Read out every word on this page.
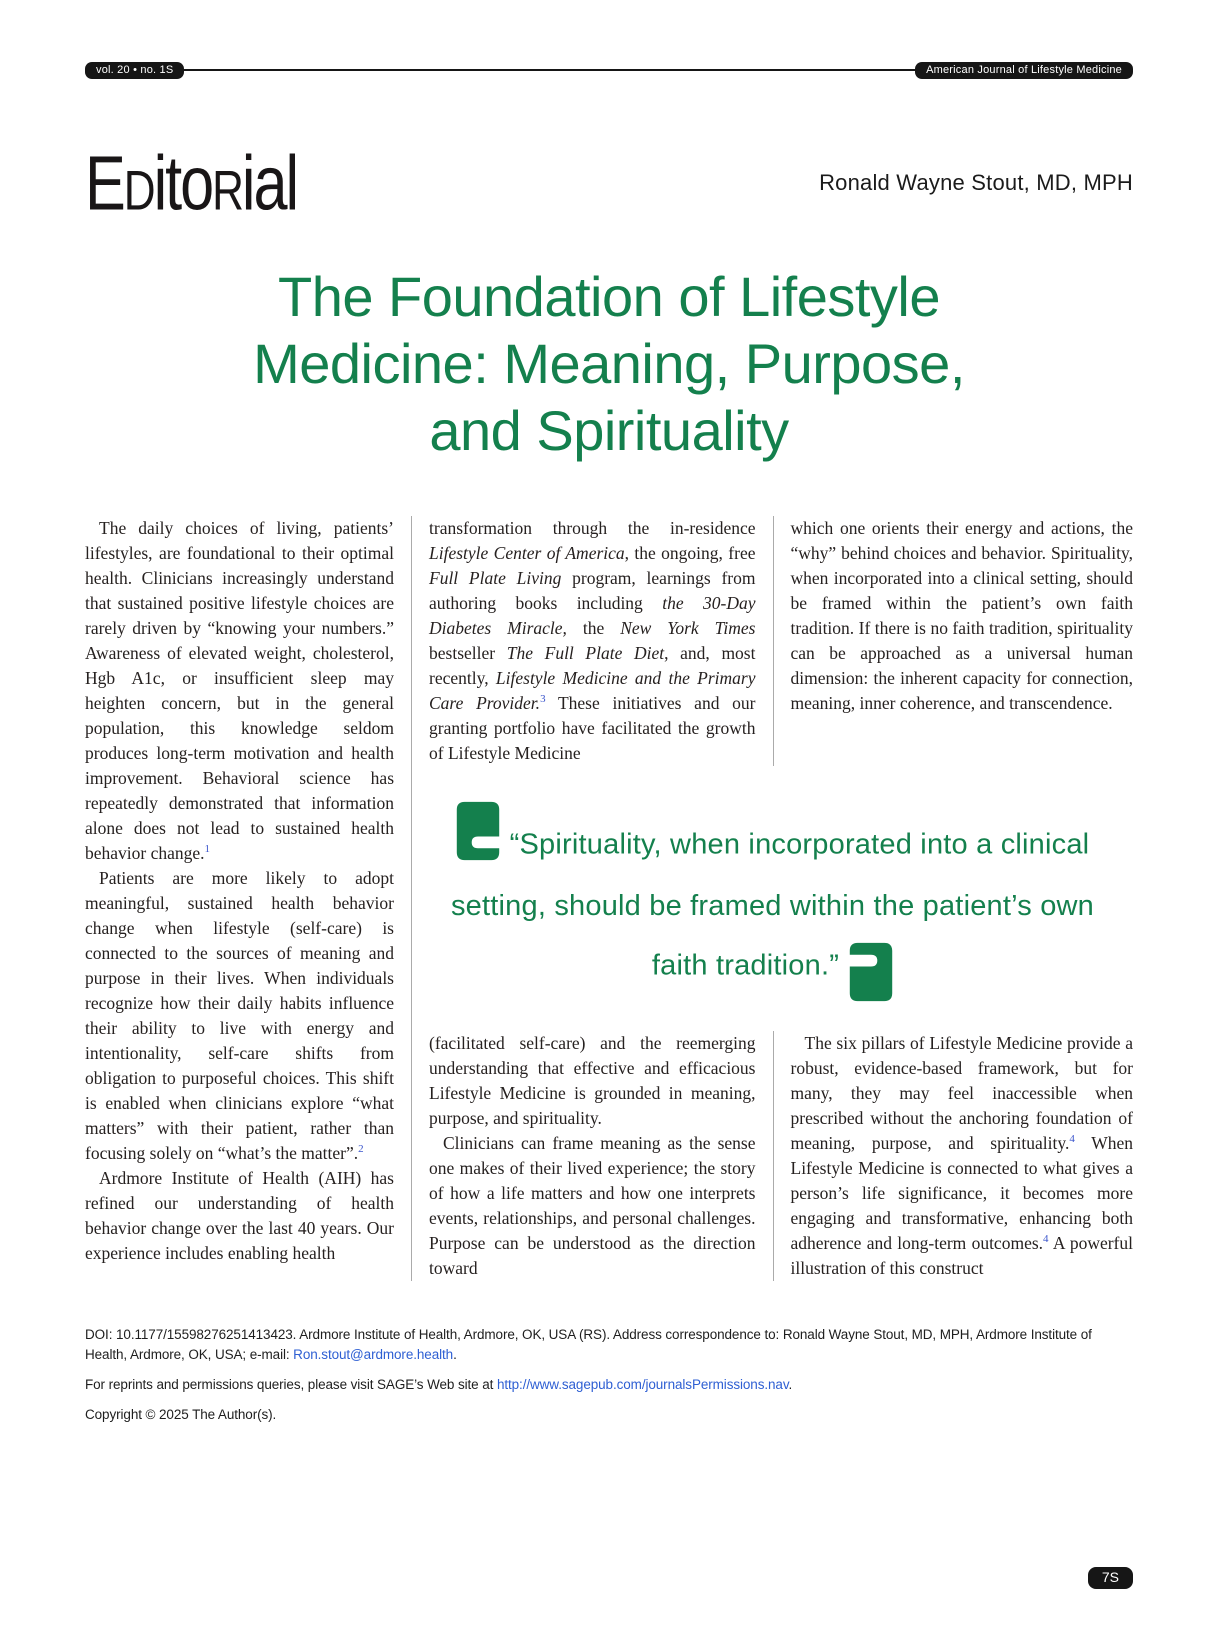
vol. 20 • no. 1S	American Journal of Lifestyle Medicine
EDitoRial	Ronald Wayne Stout, MD, MPH
The Foundation of Lifestyle
Medicine: Meaning, Purpose,
and Spirituality

The daily choices of living, patients’ lifestyles, are foundational to their optimal health. Clinicians increasingly understand that sustained positive lifestyle choices are rarely driven by “knowing your numbers.” Awareness of elevated weight, cholesterol, Hgb A1c, or insufficient sleep may heighten concern, but in the general population, this knowledge seldom produces long-term motivation and health improvement. Behavioral science has repeatedly demonstrated that information alone does not lead to sustained health behavior change.$^1$

Patients are more likely to adopt meaningful, sustained health behavior change when lifestyle (self-care) is connected to the sources of meaning and purpose in their lives. When individuals recognize how their daily habits influence their ability to live with energy and intentionality, self-care shifts from obligation to purposeful choices. This shift is enabled when clinicians explore “what matters” with their patient, rather than focusing solely on “what’s the matter”.$^2$

Ardmore Institute of Health (AIH) has refined our understanding of health behavior change over the last 40 years. Our experience includes enabling health

transformation through the in-residence Lifestyle Center of America, the ongoing, free Full Plate Living program, learnings from authoring books including the 30-Day Diabetes Miracle, the New York Times bestseller The Full Plate Diet, and, most recently, Lifestyle Medicine and the Primary Care Provider.$^3$ These initiatives and our granting portfolio have facilitated the growth of Lifestyle Medicine

which one orients their energy and actions, the “why” behind choices and behavior. Spirituality, when incorporated into a clinical setting, should be framed within the patient’s own faith tradition. If there is no faith tradition, spirituality can be approached as a universal human dimension: the inherent capacity for connection, meaning, inner coherence, and transcendence.

“Spirituality, when incorporated into a clinical setting, should be framed within the patient’s own faith tradition.”

(facilitated self-care) and the reemerging understanding that effective and efficacious Lifestyle Medicine is grounded in meaning, purpose, and spirituality.

Clinicians can frame meaning as the sense one makes of their lived experience; the story of how a life matters and how one interprets events, relationships, and personal challenges. Purpose can be understood as the direction toward

The six pillars of Lifestyle Medicine provide a robust, evidence-based framework, but for many, they may feel inaccessible when prescribed without the anchoring foundation of meaning, purpose, and spirituality.$^4$ When Lifestyle Medicine is connected to what gives a person’s life significance, it becomes more engaging and transformative, enhancing both adherence and long-term outcomes.$^4$ A powerful illustration of this construct

DOI: 10.1177/15598276251413423. Ardmore Institute of Health, Ardmore, OK, USA (RS). Address correspondence to: Ronald Wayne Stout, MD, MPH, Ardmore Institute of Health, Ardmore, OK, USA; e-mail: Ron.stout@ardmore.health.

For reprints and permissions queries, please visit SAGE’s Web site at http://www.sagepub.com/journalsPermissions.nav.

Copyright © 2025 The Author(s).

7S
